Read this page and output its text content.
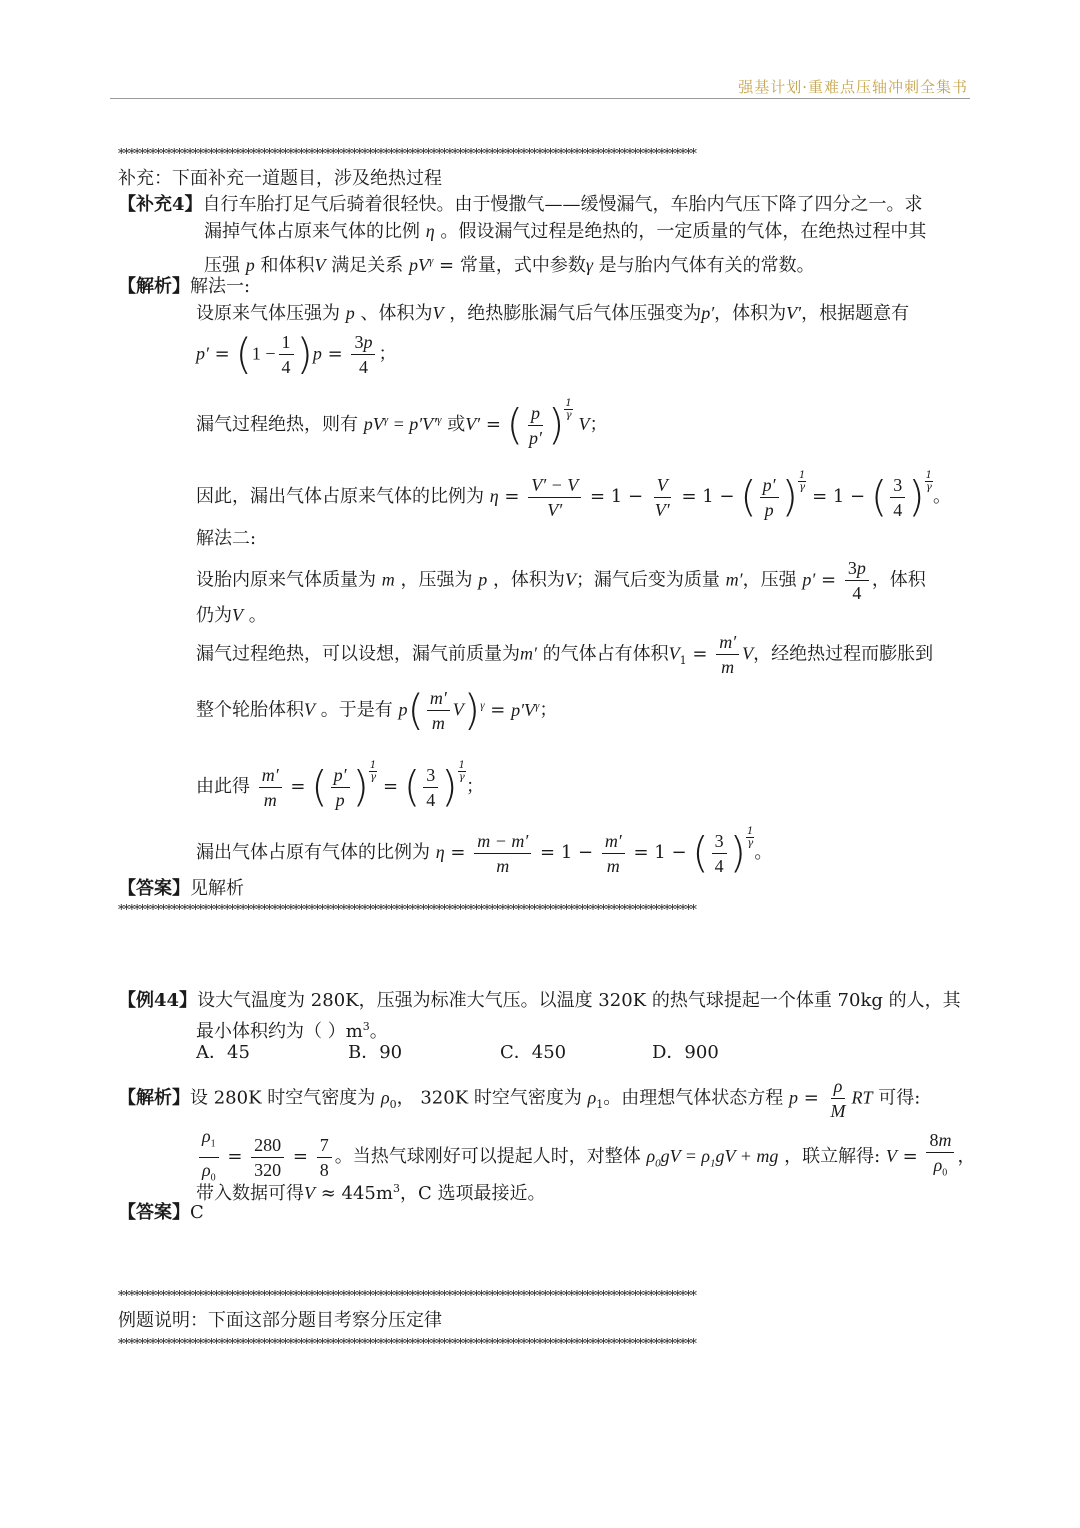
强基计划·重难点压轴冲刺全集书
*************************************************************************************************************
补充：下面补充一道题目，涉及绝热过程
【补充4】自行车胎打足气后骑着很轻快。由于慢撒气——缓慢漏气，车胎内气压下降了四分之一。求
漏掉气体占原来气体的比例 η 。假设漏气过程是绝热的，一定质量的气体，在绝热过程中其
压强 p 和体积V 满足关系 $pV^\gamma$ = 常量，式中参数γ 是与胎内气体有关的常数。
【解析】解法一:
设原来气体压强为 p 、体积为V ，绝热膨胀漏气后气体压强变为p′，体积为V′，根据题意有
$p' = (1 - \frac{1}{4} )p = \frac{3p}{4}$ ；
漏气过程绝热，则有 $pV^\gamma = p'V'^\gamma$ 或V′ = ( $\frac{p}{p'}$ ) $\frac{1}{\gamma}$
V；
因此，漏出气体占原来气体的比例为 $\eta = \frac{V' - V}{V'} = 1 - \frac{V}{V'} = 1$ − ( $\frac{p'}{p}$ ) $\frac{1}{\gamma}$
= 1 − ( $\frac{3}{4}$ ) $\frac{1}{\gamma}$
。
解法二:
设胎内原来气体质量为 m ，压强为 p ，体积为V；漏气后变为质量 m′，压强 $p' = \frac{3p}{4}$ ，体积
仍为V 。
漏气过程绝热，可以设想，漏气前质量为m′ 的气体占有体积$V_1 = \frac{m'}{m}$ V，经绝热过程而膨胀到
整个轮胎体积V 。于是有 $p( \frac{m'}{m} V)^\gamma = p'V^\gamma$；
由此得 $\frac{m'}{m}$ = ( $\frac{p'}{p}$ ) $\frac{1}{\gamma}$
= ( $\frac{3}{4}$ ) $\frac{1}{\gamma}$
；
漏出气体占原有气体的比例为 $\eta = \frac{m - m'}{m} = 1 - \frac{m'}{m} = 1$ − ( $\frac{3}{4}$ ) $\frac{1}{\gamma}$
。
【答案】见解析
*************************************************************************************************************
【例44】设大气温度为 280K，压强为标准大气压。以温度 320K 的热气球提起一个体重 70kg 的人，其
最小体积约为（ ）$m^3$。
A．45	B．90	C．450	D．900
【解析】设 280K 时空气密度为 $\rho_0$， 320K 时空气密度为 $\rho_1$。由理想气体状态方程 $p = \frac{\rho}{M}$ RT 可得:
$\frac{\rho_1}{\rho_0} = \frac{280}{320} = \frac{7}{8}$ 。当热气球刚好可以提起人时，对整体 $\rho_0gV = \rho_1gV$ + mg ，联立解得: $V = \frac{8m}{\rho_0}$ ，
带入数据可得$V \approx 445m^3$，C 选项最接近。
【答案】C
*************************************************************************************************************
例题说明：下面这部分题目考察分压定律
*************************************************************************************************************
